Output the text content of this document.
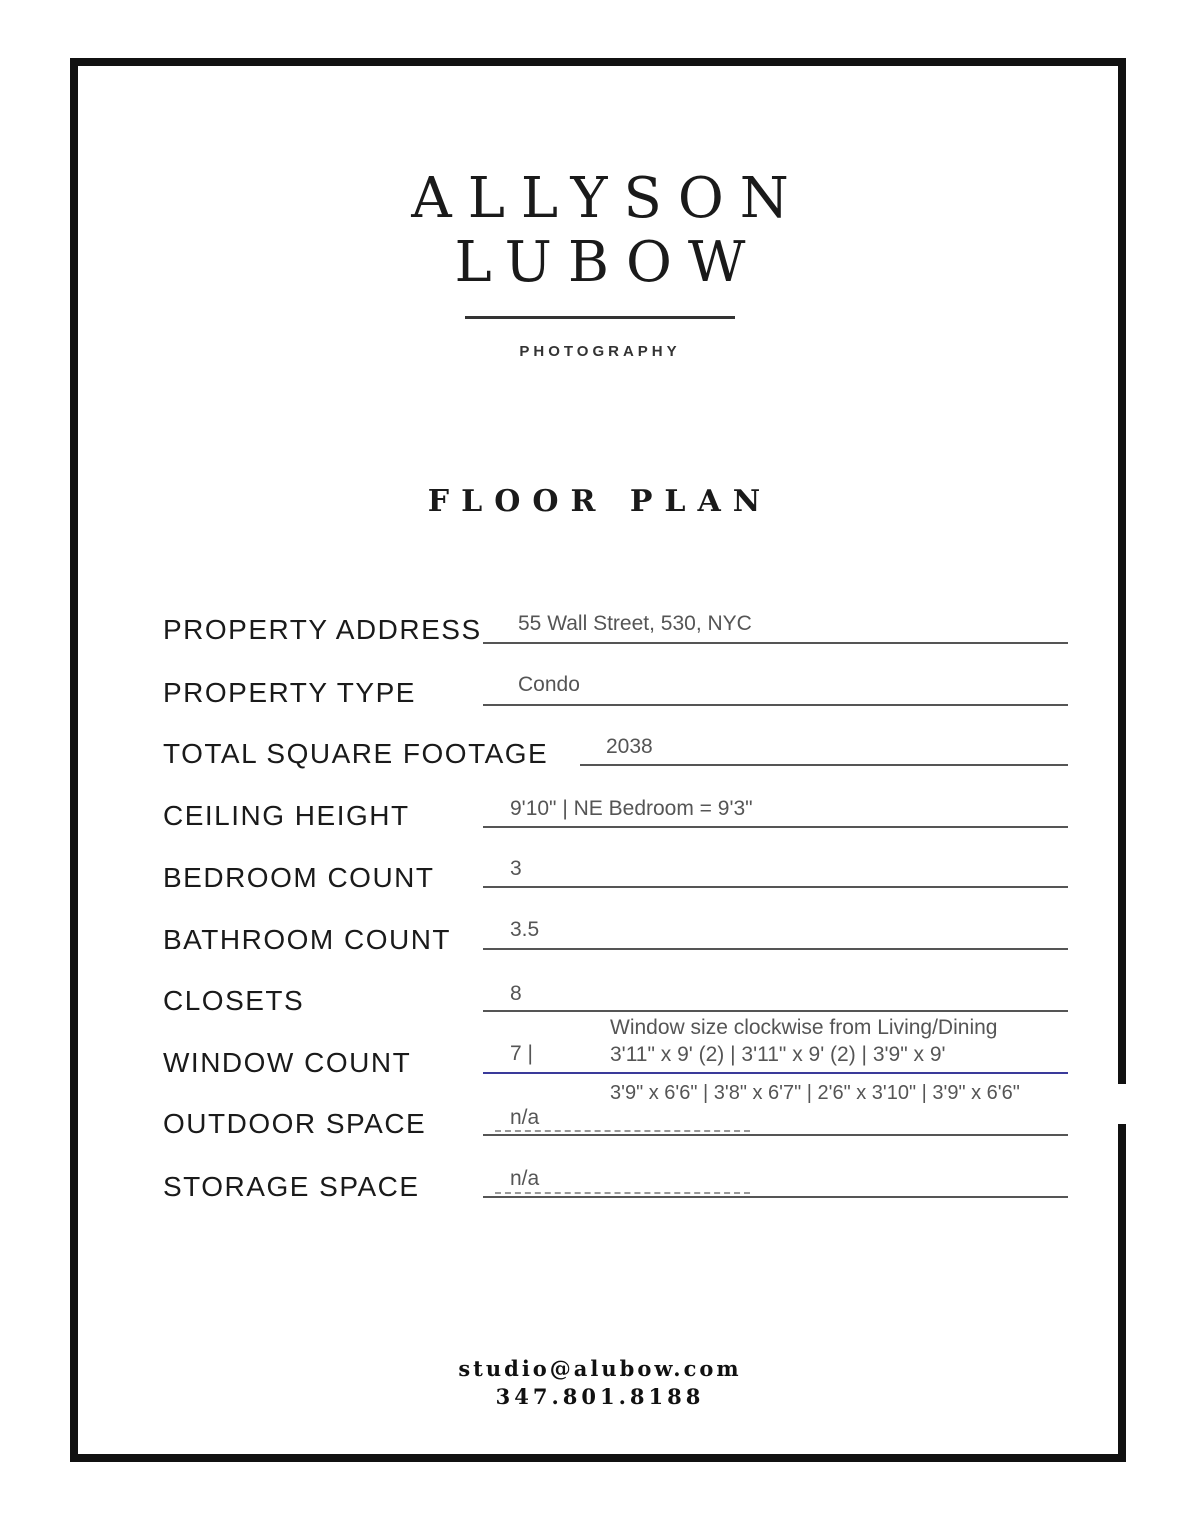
ALLYSON
LUBOW
PHOTOGRAPHY
FLOOR PLAN
PROPERTY ADDRESS 55 Wall Street, 530, NYC
PROPERTY TYPE	Condo
TOTAL SQUARE FOOTAGE	2038
CEILING HEIGHT	9'10" | NE Bedroom = 9'3"
BEDROOM COUNT	3
BATHROOM COUNT	3.5
CLOSETS	8
WINDOW COUNT	7 |
Window size clockwise from Living/Dining
3'11" x 9' (2) | 3'11" x 9' (2) | 3'9" x 9'
3'9" x 6'6" | 3'8" x 6'7" | 2'6" x 3'10" | 3'9" x 6'6"
OUTDOOR SPACE	n/a
STORAGE SPACE	n/a
studio@alubow.com
347.801.8188
